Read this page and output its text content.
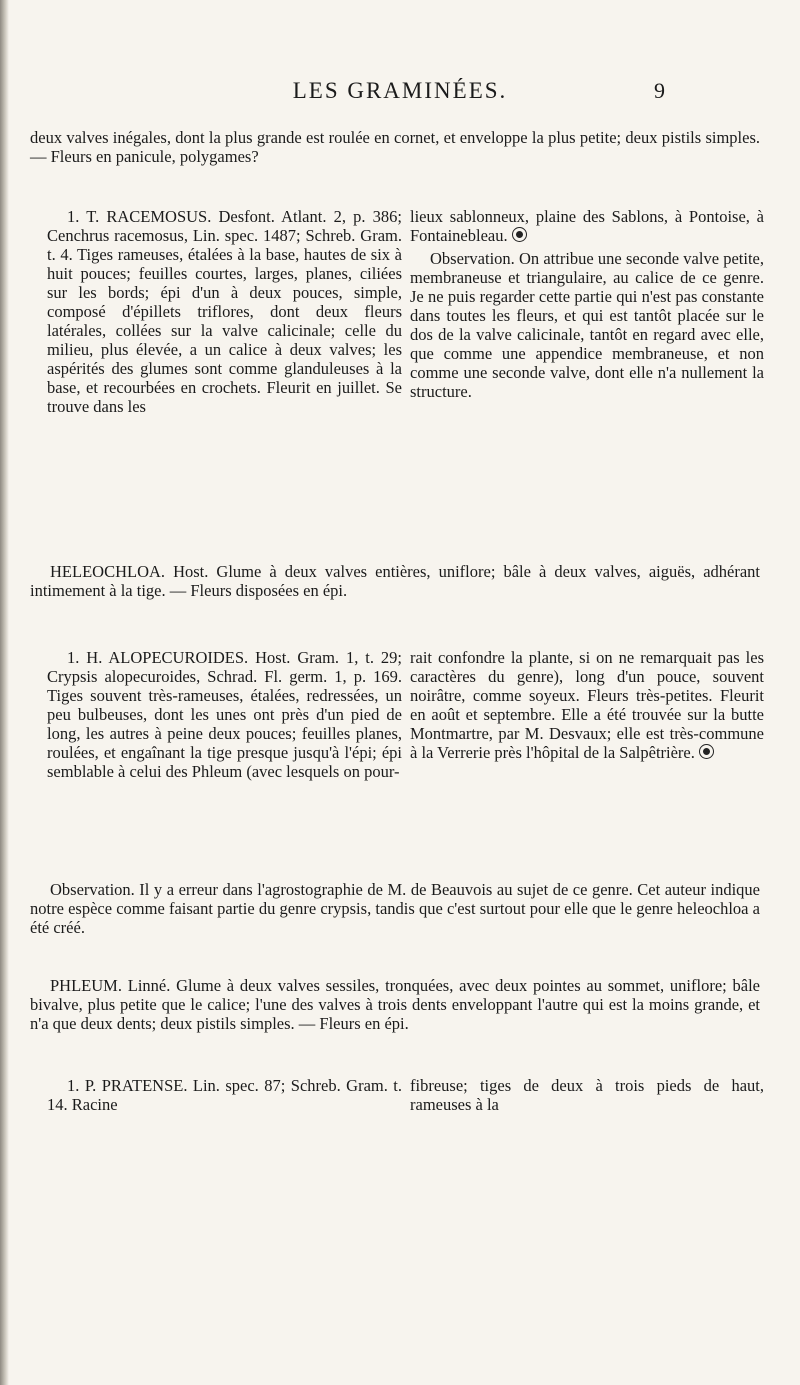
LES GRAMINÉES.	9

deux valves inégales, dont la plus grande est roulée en cornet, et enveloppe la plus petite; deux pistils simples. — Fleurs en panicule, polygames?

1. T. RACEMOSUS. Desfont. Atlant. 2, p. 386; Cenchrus racemosus, Lin. spec. 1487; Schreb. Gram. t. 4. Tiges rameuses, étalées à la base, hautes de six à huit pouces; feuilles courtes, larges, planes, ciliées sur les bords; épi d'un à deux pouces, simple, composé d'épillets triflores, dont deux fleurs latérales, collées sur la valve calicinale; celle du milieu, plus élevée, a un calice à deux valves; les aspérités des glumes sont comme glanduleuses à la base, et recourbées en crochets. Fleurit en juillet. Se trouve dans les

lieux sablonneux, plaine des Sablons, à Pontoise, à Fontainebleau.

Observation. On attribue une seconde valve petite, membraneuse et triangulaire, au calice de ce genre. Je ne puis regarder cette partie qui n'est pas constante dans toutes les fleurs, et qui est tantôt placée sur le dos de la valve calicinale, tantôt en regard avec elle, que comme une appendice membraneuse, et non comme une seconde valve, dont elle n'a nullement la structure.

HELEOCHLOA. Host. Glume à deux valves entières, uniflore; bâle à deux valves, aiguës, adhérant intimement à la tige. — Fleurs disposées en épi.

1. H. ALOPECUROIDES. Host. Gram. 1, t. 29; Crypsis alopecuroides, Schrad. Fl. germ. 1, p. 169. Tiges souvent très-rameuses, étalées, redressées, un peu bulbeuses, dont les unes ont près d'un pied de long, les autres à peine deux pouces; feuilles planes, roulées, et engaînant la tige presque jusqu'à l'épi; épi semblable à celui des Phleum (avec lesquels on pour-

rait confondre la plante, si on ne remarquait pas les caractères du genre), long d'un pouce, souvent noirâtre, comme soyeux. Fleurs très-petites. Fleurit en août et septembre. Elle a été trouvée sur la butte Montmartre, par M. Desvaux; elle est très-commune à la Verrerie près l'hôpital de la Salpêtrière.

Observation. Il y a erreur dans l'agrostographie de M. de Beauvois au sujet de ce genre. Cet auteur indique notre espèce comme faisant partie du genre crypsis, tandis que c'est surtout pour elle que le genre heleochloa a été créé.

PHLEUM. Linné. Glume à deux valves sessiles, tronquées, avec deux pointes au sommet, uniflore; bâle bivalve, plus petite que le calice; l'une des valves à trois dents enveloppant l'autre qui est la moins grande, et n'a que deux dents; deux pistils simples. — Fleurs en épi.

1. P. PRATENSE. Lin. spec. 87; Schreb. Gram. t. 14. Racine

fibreuse; tiges de deux à trois pieds de haut, rameuses à la
